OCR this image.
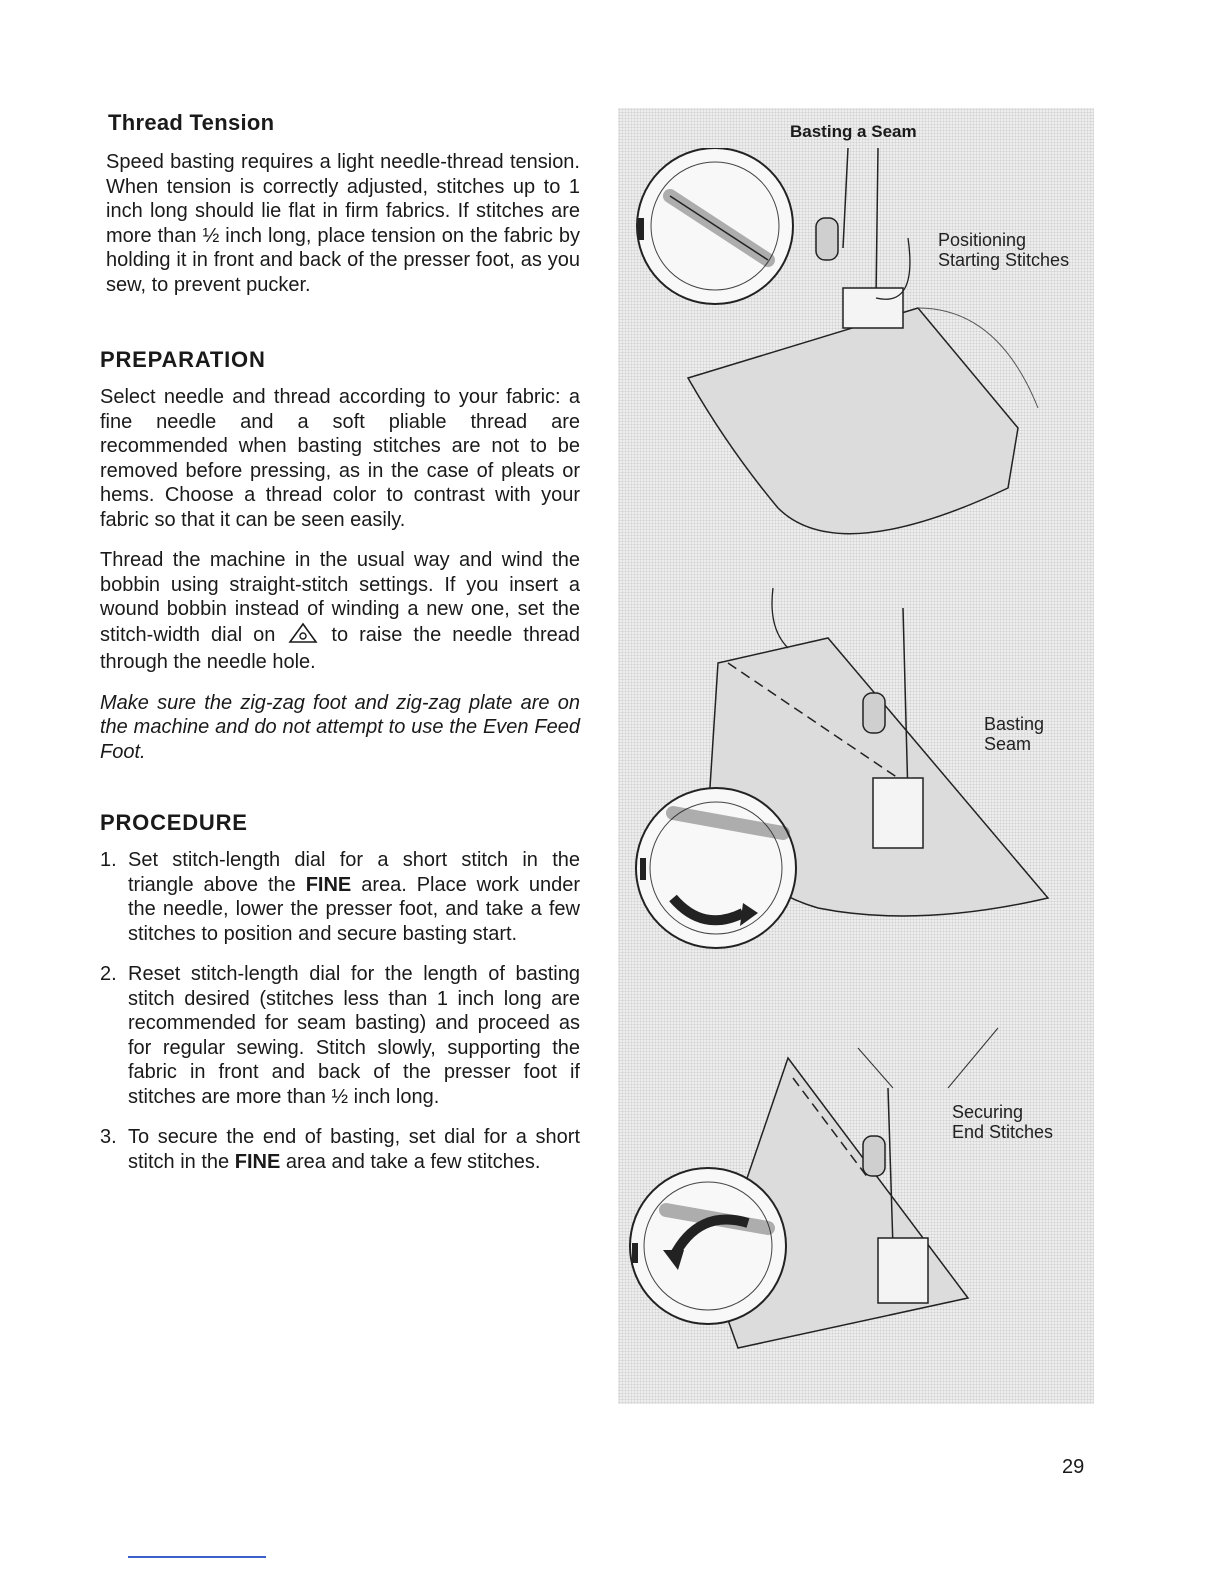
Thread Tension

Speed basting requires a light needle-thread tension. When tension is correctly adjusted, stitches up to 1 inch long should lie flat in firm fabrics. If stitches are more than ½ inch long, place tension on the fabric by holding it in front and back of the presser foot, as you sew, to prevent pucker.

PREPARATION

Select needle and thread according to your fabric: a fine needle and a soft pliable thread are recommended when basting stitches are not to be removed before pressing, as in the case of pleats or hems. Choose a thread color to contrast with your fabric so that it can be seen easily.

Thread the machine in the usual way and wind the bobbin using straight-stitch settings. If you insert a wound bobbin instead of winding a new one, set the stitch-width dial on	to raise the needle thread through the needle hole.

Make sure the zig-zag foot and zig-zag plate are on the machine and do not attempt to use the Even Feed Foot.

PROCEDURE
1. Set stitch-length dial for a short stitch in the triangle above the FINE area. Place work under the needle, lower the presser foot, and take a few stitches to position and secure basting start.
2. Reset stitch-length dial for the length of basting stitch desired (stitches less than 1 inch long are recommended for seam basting) and proceed as for regular sewing. Stitch slowly, supporting the fabric in front and back of the presser foot if stitches are more than ½ inch long.
3. To secure the end of basting, set dial for a short stitch in the FINE area and take a few stitches.
Basting a Seam
Positioning
Starting Stitches
Basting
Seam
Securing
End Stitches
29
